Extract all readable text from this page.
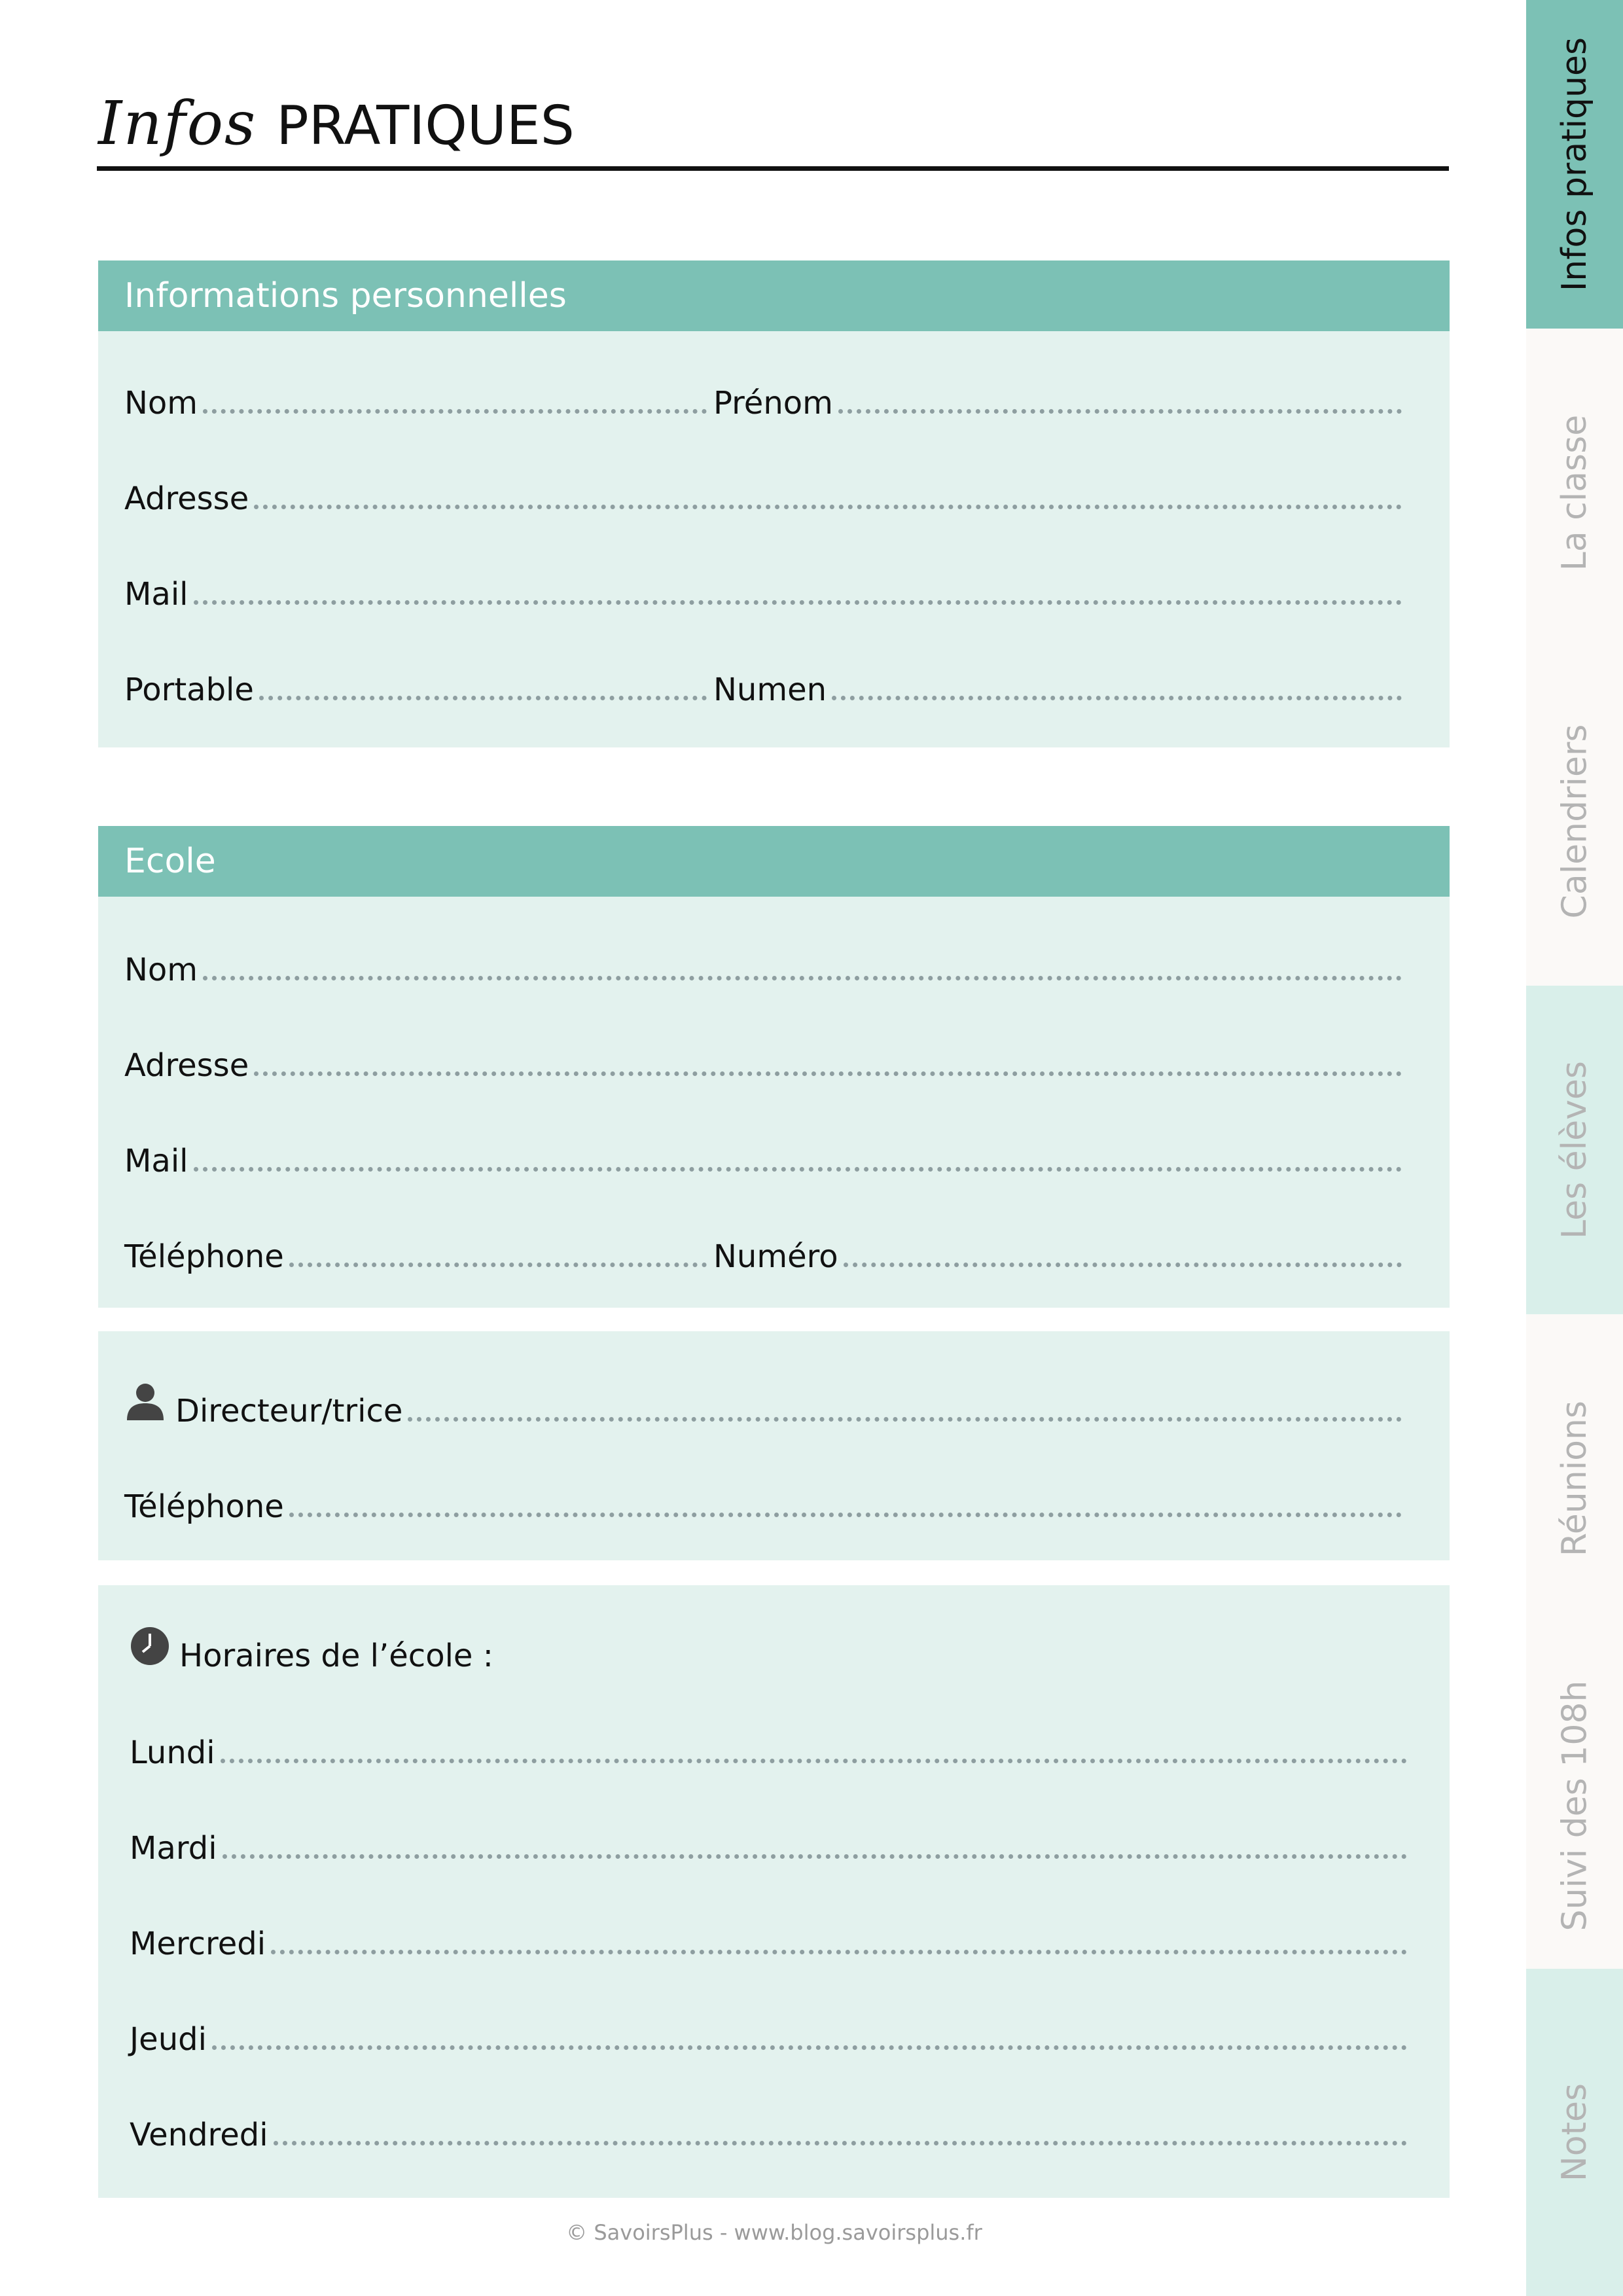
Infos PRATIQUES
Informations personnelles
Nom	Prénom
Adresse
Mail
Portable	Numen
Ecole
Nom
Adresse
Mail
Téléphone	Numéro
Directeur/trice
Téléphone
Horaires de l’école :
Lundi
Mardi
Mercredi
Jeudi
Vendredi
© SavoirsPlus - www.blog.savoirsplus.fr
Infos pratiques
La classe
Calendriers
Les élèves
Réunions
Suivi des 108h
Notes
